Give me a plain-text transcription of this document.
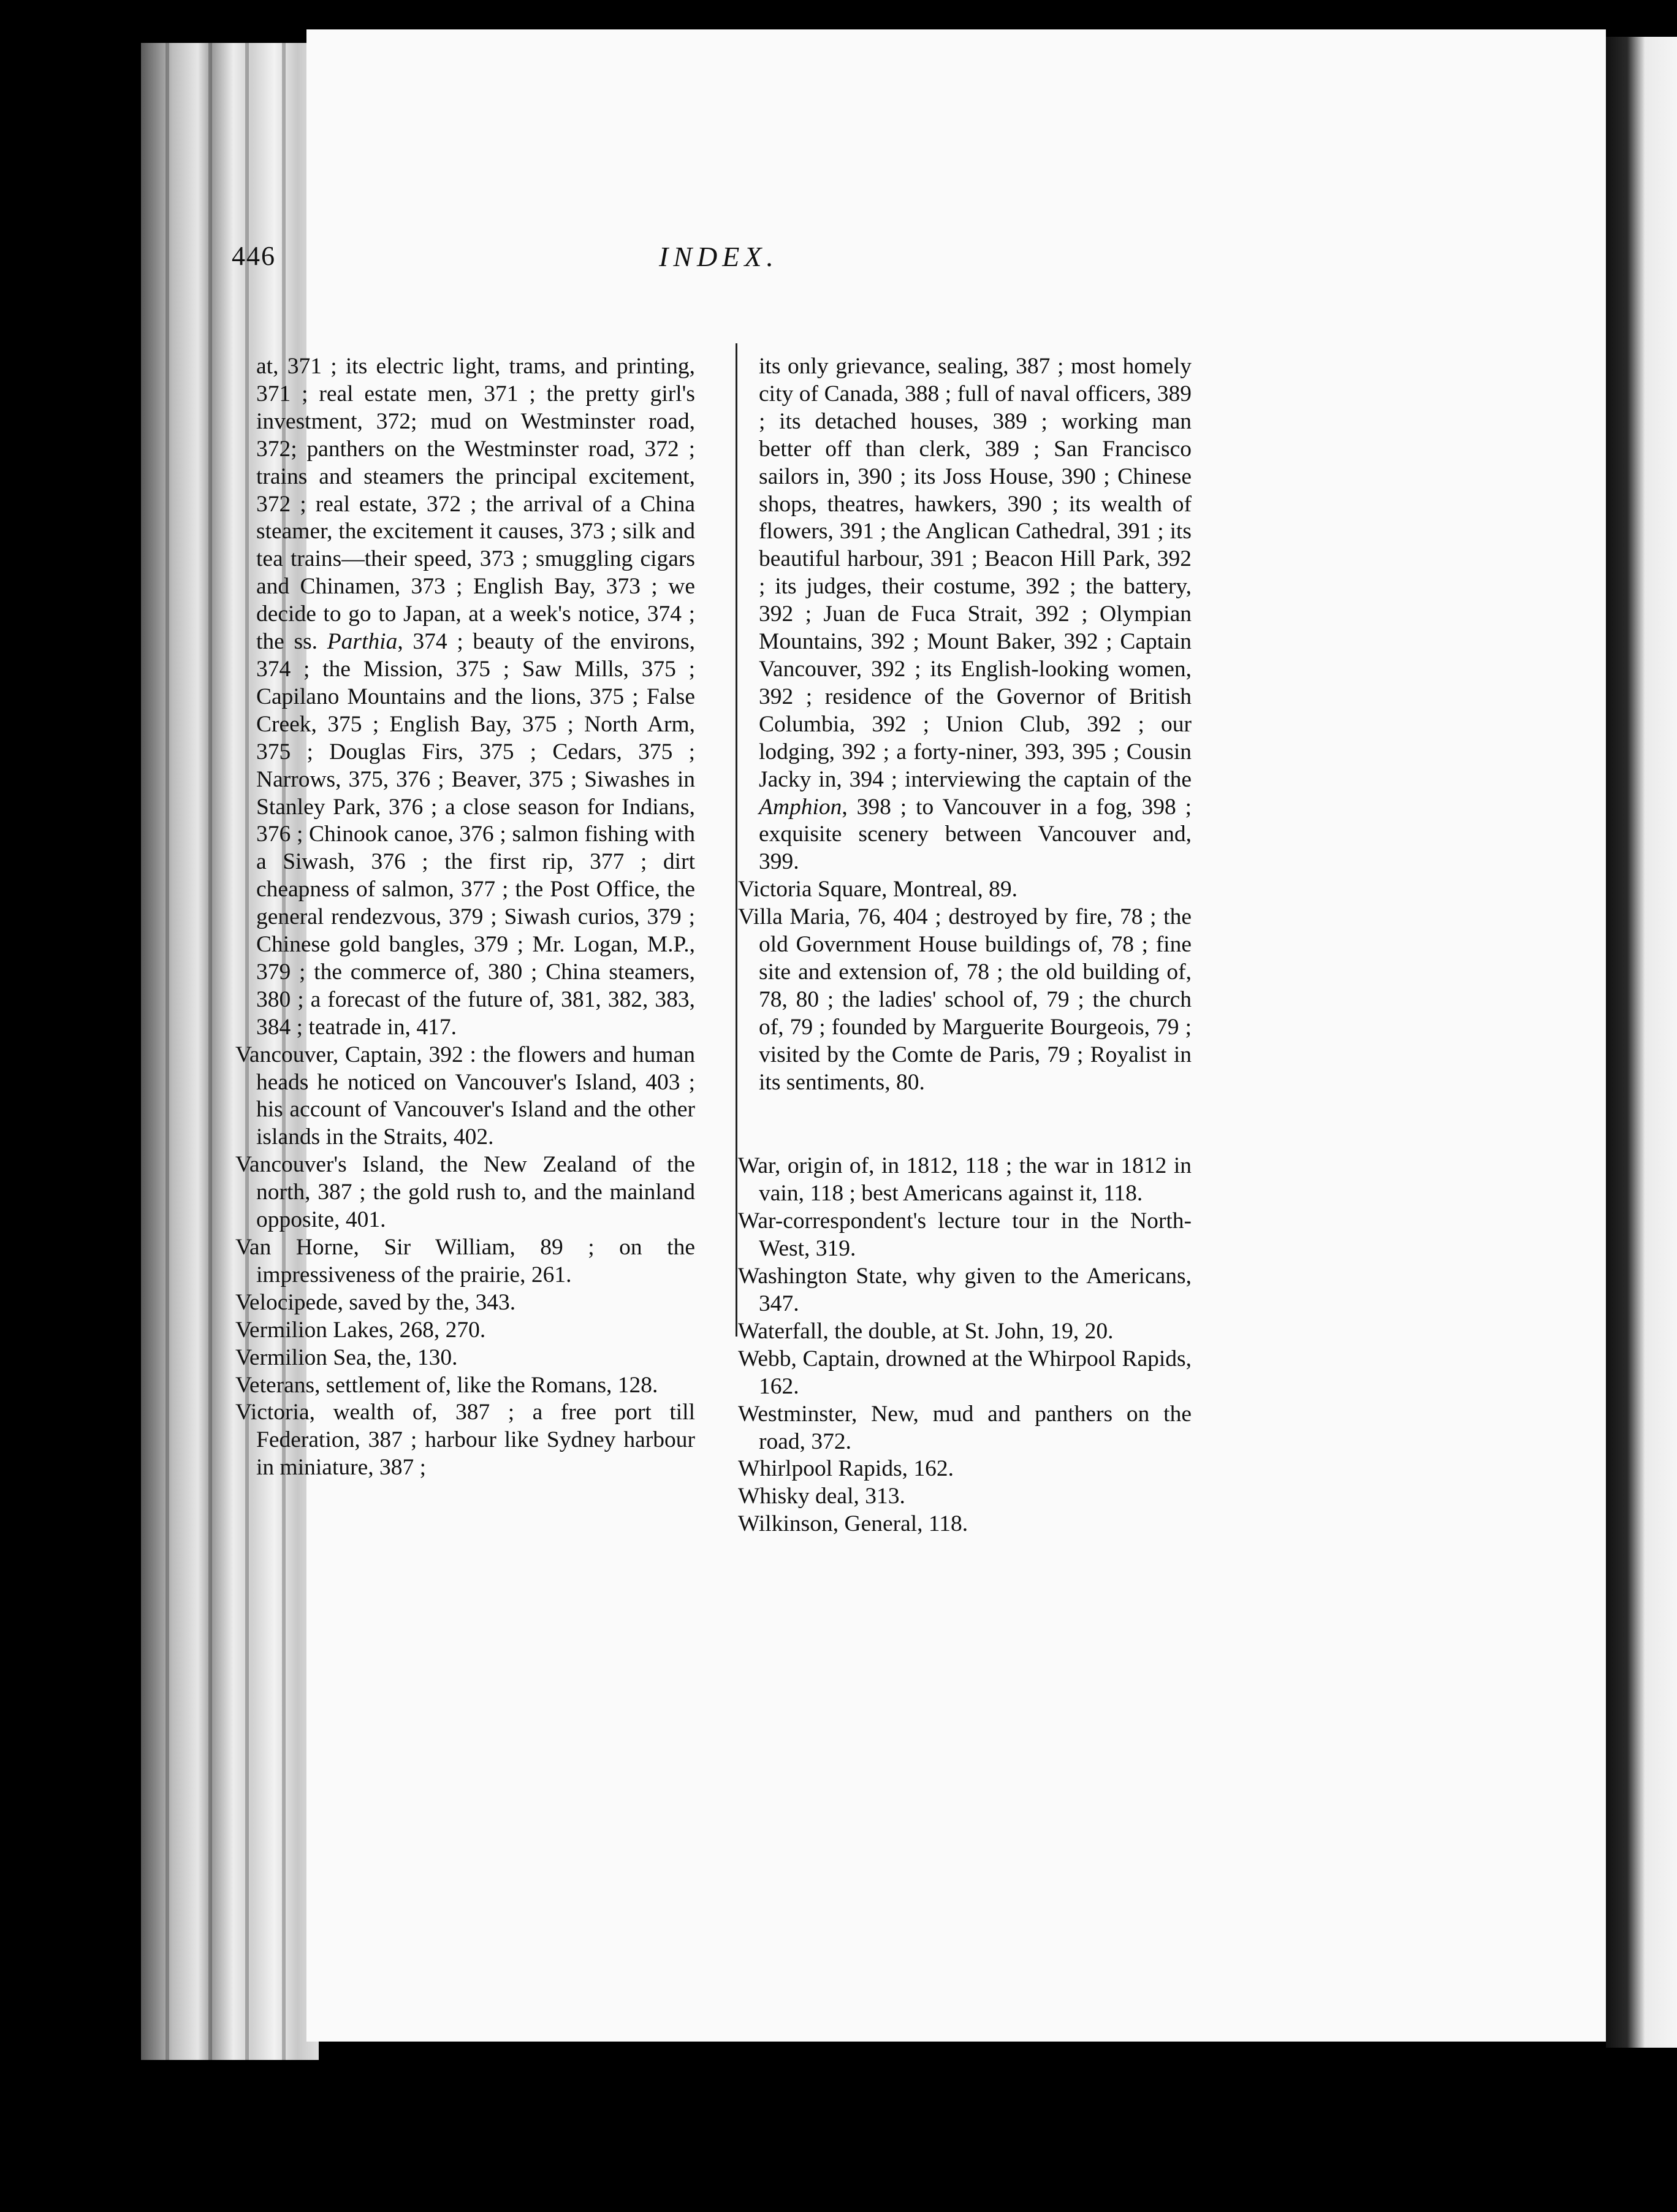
446	INDEX.

at, 371 ; its electric light, trams, and printing, 371 ; real estate men, 371 ; the pretty girl's investment, 372; mud on Westminster road, 372; panthers on the Westminster road, 372 ; trains and steamers the principal excitement, 372 ; real estate, 372 ; the arrival of a China steamer, the excitement it causes, 373 ; silk and tea trains—their speed, 373 ; smuggling cigars and Chinamen, 373 ; English Bay, 373 ; we decide to go to Japan, at a week's notice, 374 ; the ss. Parthia, 374 ; beauty of the environs, 374 ; the Mission, 375 ; Saw Mills, 375 ; Capilano Mountains and the lions, 375 ; False Creek, 375 ; English Bay, 375 ; North Arm, 375 ; Douglas Firs, 375 ; Cedars, 375 ; Narrows, 375, 376 ; Beaver, 375 ; Siwashes in Stanley Park, 376 ; a close season for Indians, 376 ; Chinook canoe, 376 ; salmon fishing with a Siwash, 376 ; the first rip, 377 ; dirt cheapness of salmon, 377 ; the Post Office, the general rendezvous, 379 ; Siwash curios, 379 ; Chinese gold bangles, 379 ; Mr. Logan, M.P., 379 ; the commerce of, 380 ; China steamers, 380 ; a forecast of the future of, 381, 382, 383, 384 ; teatrade in, 417.

Vancouver, Captain, 392 : the flowers and human heads he noticed on Vancouver's Island, 403 ; his account of Vancouver's Island and the other islands in the Straits, 402.

Vancouver's Island, the New Zealand of the north, 387 ; the gold rush to, and the mainland opposite, 401.

Van Horne, Sir William, 89 ; on the impressiveness of the prairie, 261.

Velocipede, saved by the, 343.

Vermilion Lakes, 268, 270.

Vermilion Sea, the, 130.

Veterans, settlement of, like the Romans, 128.

Victoria, wealth of, 387 ; a free port till Federation, 387 ; harbour like Sydney harbour in miniature, 387 ;

its only grievance, sealing, 387 ; most homely city of Canada, 388 ; full of naval officers, 389 ; its detached houses, 389 ; working man better off than clerk, 389 ; San Francisco sailors in, 390 ; its Joss House, 390 ; Chinese shops, theatres, hawkers, 390 ; its wealth of flowers, 391 ; the Anglican Cathedral, 391 ; its beautiful harbour, 391 ; Beacon Hill Park, 392 ; its judges, their costume, 392 ; the battery, 392 ; Juan de Fuca Strait, 392 ; Olympian Mountains, 392 ; Mount Baker, 392 ; Captain Vancouver, 392 ; its English-looking women, 392 ; residence of the Governor of British Columbia, 392 ; Union Club, 392 ; our lodging, 392 ; a forty-niner, 393, 395 ; Cousin Jacky in, 394 ; interviewing the captain of the Amphion, 398 ; to Vancouver in a fog, 398 ; exquisite scenery between Vancouver and, 399.

Victoria Square, Montreal, 89.

Villa Maria, 76, 404 ; destroyed by fire, 78 ; the old Government House buildings of, 78 ; fine site and extension of, 78 ; the old building of, 78, 80 ; the ladies' school of, 79 ; the church of, 79 ; founded by Marguerite Bourgeois, 79 ; visited by the Comte de Paris, 79 ; Royalist in its sentiments, 80.

War, origin of, in 1812, 118 ; the war in 1812 in vain, 118 ; best Americans against it, 118.

War-correspondent's lecture tour in the North-West, 319.

Washington State, why given to the Americans, 347.

Waterfall, the double, at St. John, 19, 20.

Webb, Captain, drowned at the Whirpool Rapids, 162.

Westminster, New, mud and panthers on the road, 372.

Whirlpool Rapids, 162.

Whisky deal, 313.

Wilkinson, General, 118.
